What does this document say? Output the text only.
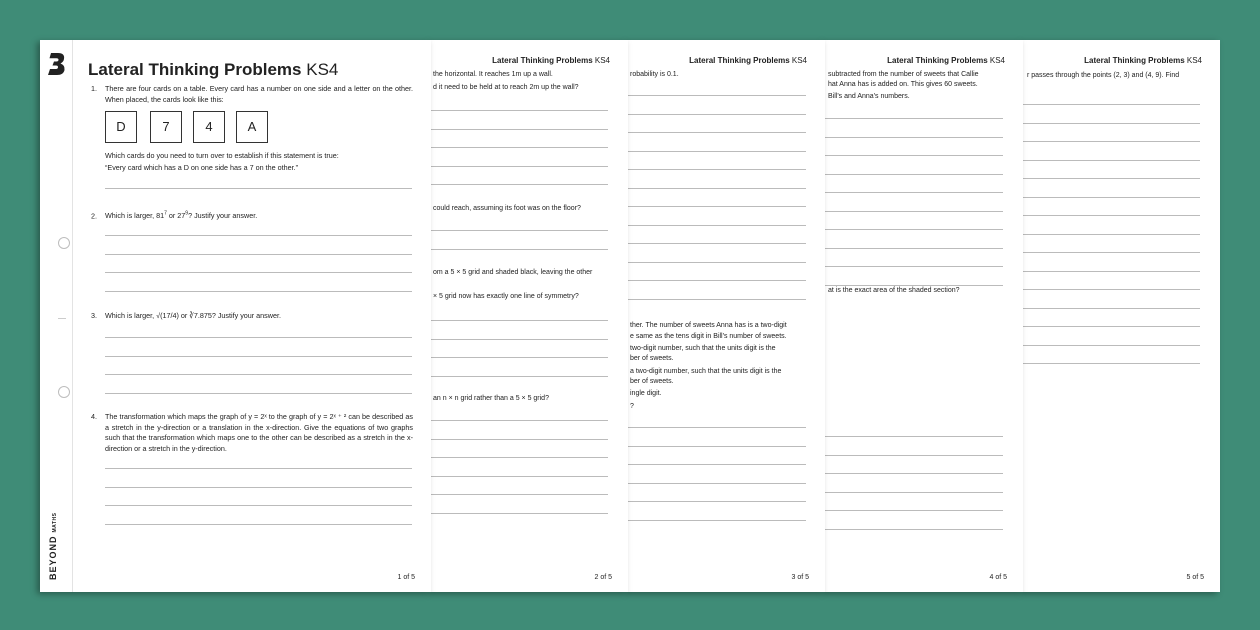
Lateral Thinking Problems KS4
r passes through the points (2, 3) and (4, 9). Find
5 of 5
Lateral Thinking Problems KS4
subtracted from the number of sweets that Callie
hat Anna has is added on. This gives 60 sweets.
Bill's and Anna's numbers.
at is the exact area of the shaded section?
4 of 5
Lateral Thinking Problems KS4
robability is 0.1.
ther. The number of sweets Anna has is a two-digit
e same as the tens digit in Bill's number of sweets.
two-digit number, such that the units digit is the
ber of sweets.
a two-digit number, such that the units digit is the
ber of sweets.
ingle digit.
?
3 of 5
Lateral Thinking Problems KS4
the horizontal. It reaches 1m up a wall.
d it need to be held at to reach 2m up the wall?
could reach, assuming its foot was on the floor?
om a 5 × 5 grid and shaded black, leaving the other
× 5 grid now has exactly one line of symmetry?
an n × n grid rather than a 5 × 5 grid?
2 of 5
BEYONDMATHS
Lateral Thinking Problems KS4
1. There are four cards on a table. Every card has a number on one side and a letter on the other. When placed, the cards look like this:
D	7	4	A
Which cards do you need to turn over to establish if this statement is true:
“Every card which has a D on one side has a 7 on the other.”
2. Which is larger, $81^7$ or $27^9$? Justify your answer.
3. Which is larger, √(17/4) or ∛7.875? Justify your answer.
4. The transformation which maps the graph of y = 2ˣ to the graph of y = 2ˣ ⁺ ² can be described as a stretch in the y-direction or a translation in the x-direction. Give the equations of two graphs such that the transformation which maps one to the other can be described as a stretch in the x-direction or a stretch in the y-direction.
1 of 5
